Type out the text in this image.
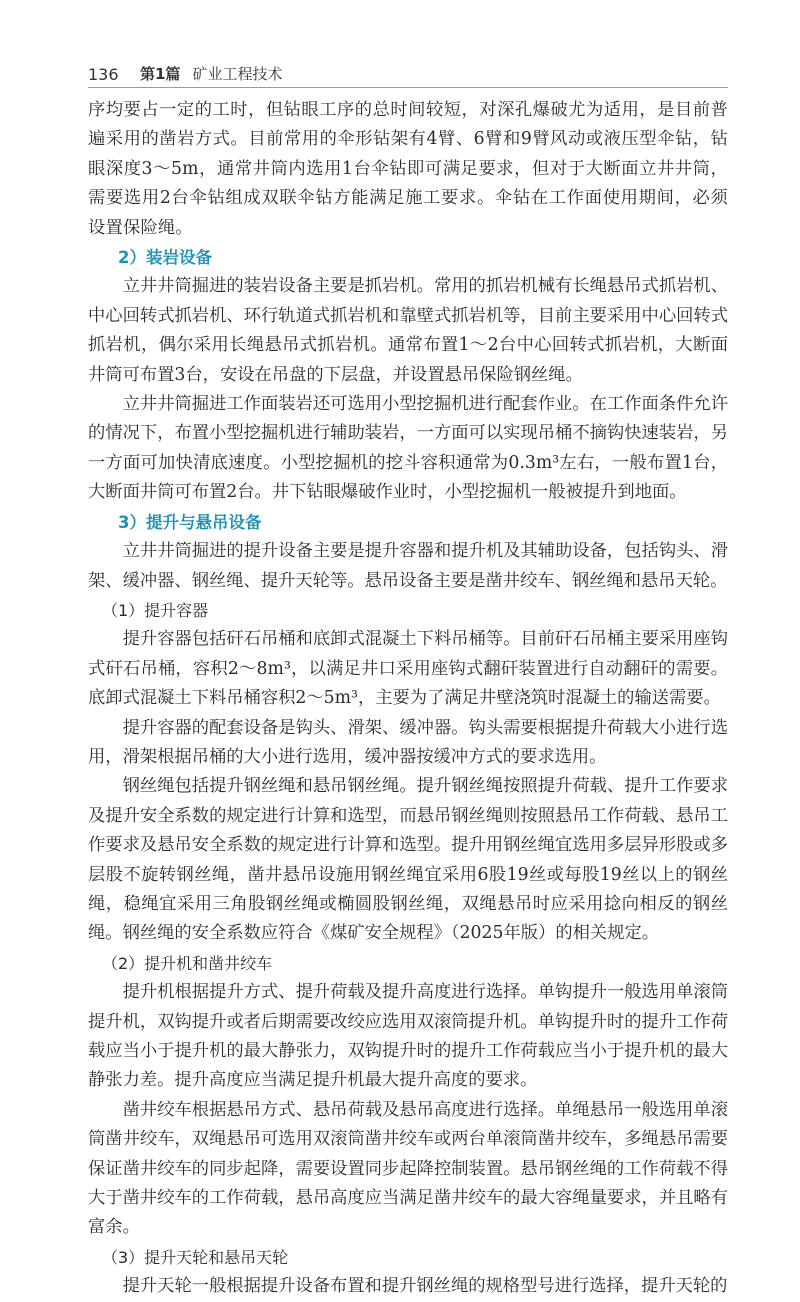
136	第1篇 矿业工程技术

序均要占一定的工时，但钻眼工序的总时间较短，对深孔爆破尤为适用，是目前普遍采用的凿岩方式。目前常用的伞形钻架有4臂、6臂和9臂风动或液压型伞钻，钻眼深度3～5m，通常井筒内选用1台伞钻即可满足要求，但对于大断面立井井筒，需要选用2台伞钻组成双联伞钻方能满足施工要求。伞钻在工作面使用期间，必须设置保险绳。

2）装岩设备

立井井筒掘进的装岩设备主要是抓岩机。常用的抓岩机械有长绳悬吊式抓岩机、中心回转式抓岩机、环行轨道式抓岩机和靠壁式抓岩机等，目前主要采用中心回转式抓岩机，偶尔采用长绳悬吊式抓岩机。通常布置1～2台中心回转式抓岩机，大断面井筒可布置3台，安设在吊盘的下层盘，并设置悬吊保险钢丝绳。

立井井筒掘进工作面装岩还可选用小型挖掘机进行配套作业。在工作面条件允许的情况下，布置小型挖掘机进行辅助装岩，一方面可以实现吊桶不摘钩快速装岩，另一方面可加快清底速度。小型挖掘机的挖斗容积通常为0.3m³左右，一般布置1台，大断面井筒可布置2台。井下钻眼爆破作业时，小型挖掘机一般被提升到地面。

3）提升与悬吊设备

立井井筒掘进的提升设备主要是提升容器和提升机及其辅助设备，包括钩头、滑架、缓冲器、钢丝绳、提升天轮等。悬吊设备主要是凿井绞车、钢丝绳和悬吊天轮。

（1）提升容器

提升容器包括矸石吊桶和底卸式混凝土下料吊桶等。目前矸石吊桶主要采用座钩式矸石吊桶，容积2～8m³，以满足井口采用座钩式翻矸装置进行自动翻矸的需要。底卸式混凝土下料吊桶容积2～5m³，主要为了满足井壁浇筑时混凝土的输送需要。

提升容器的配套设备是钩头、滑架、缓冲器。钩头需要根据提升荷载大小进行选用，滑架根据吊桶的大小进行选用，缓冲器按缓冲方式的要求选用。

钢丝绳包括提升钢丝绳和悬吊钢丝绳。提升钢丝绳按照提升荷载、提升工作要求及提升安全系数的规定进行计算和选型，而悬吊钢丝绳则按照悬吊工作荷载、悬吊工作要求及悬吊安全系数的规定进行计算和选型。提升用钢丝绳宜选用多层异形股或多层股不旋转钢丝绳，凿井悬吊设施用钢丝绳宜采用6股19丝或每股19丝以上的钢丝绳，稳绳宜采用三角股钢丝绳或椭圆股钢丝绳，双绳悬吊时应采用捻向相反的钢丝绳。钢丝绳的安全系数应符合《煤矿安全规程》（2025年版）的相关规定。

（2）提升机和凿井绞车

提升机根据提升方式、提升荷载及提升高度进行选择。单钩提升一般选用单滚筒提升机，双钩提升或者后期需要改绞应选用双滚筒提升机。单钩提升时的提升工作荷载应当小于提升机的最大静张力，双钩提升时的提升工作荷载应当小于提升机的最大静张力差。提升高度应当满足提升机最大提升高度的要求。

凿井绞车根据悬吊方式、悬吊荷载及悬吊高度进行选择。单绳悬吊一般选用单滚筒凿井绞车，双绳悬吊可选用双滚筒凿井绞车或两台单滚筒凿井绞车，多绳悬吊需要保证凿井绞车的同步起降，需要设置同步起降控制装置。悬吊钢丝绳的工作荷载不得大于凿井绞车的工作荷载，悬吊高度应当满足凿井绞车的最大容绳量要求，并且略有富余。

（3）提升天轮和悬吊天轮

提升天轮一般根据提升设备布置和提升钢丝绳的规格型号进行选择，提升天轮的
